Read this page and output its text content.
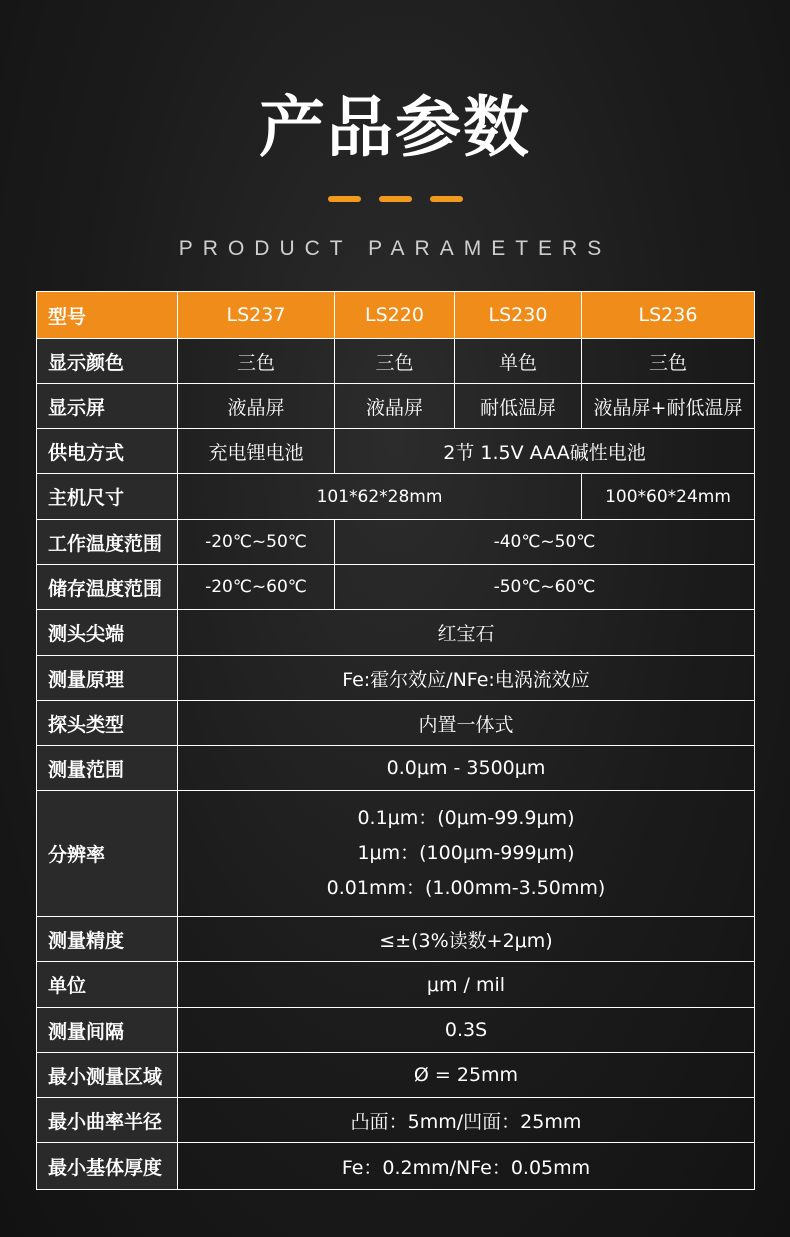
产品参数
PRODUCT PARAMETERS
型号	LS237	LS220	LS230	LS236
显示颜色	三色	三色	单色	三色
显示屏	液晶屏	液晶屏	耐低温屏	液晶屏+耐低温屏
供电方式	充电锂电池	2节 1.5V AAA碱性电池		
主机尺寸	101*62*28mm			100*60*24mm
工作温度范围	-20℃~50℃	-40℃~50℃		
储存温度范围	-20℃~60℃	-50℃~60℃		
测头尖端	红宝石			
测量原理	Fe:霍尔效应/NFe:电涡流效应			
探头类型	内置一体式			
测量范围	0.0μm - 3500μm			
分辨率	0.1μm：(0μm-99.9μm)
1μm：(100μm-999μm)
0.01mm：(1.00mm-3.50mm)			

测量精度	≤±(3%读数+2μm)			
单位	μm / mil			
测量间隔	0.3S			
最小测量区域	Ø = 25mm			
最小曲率半径	凸面：5mm/凹面：25mm			
最小基体厚度	Fe：0.2mm/NFe：0.05mm			
